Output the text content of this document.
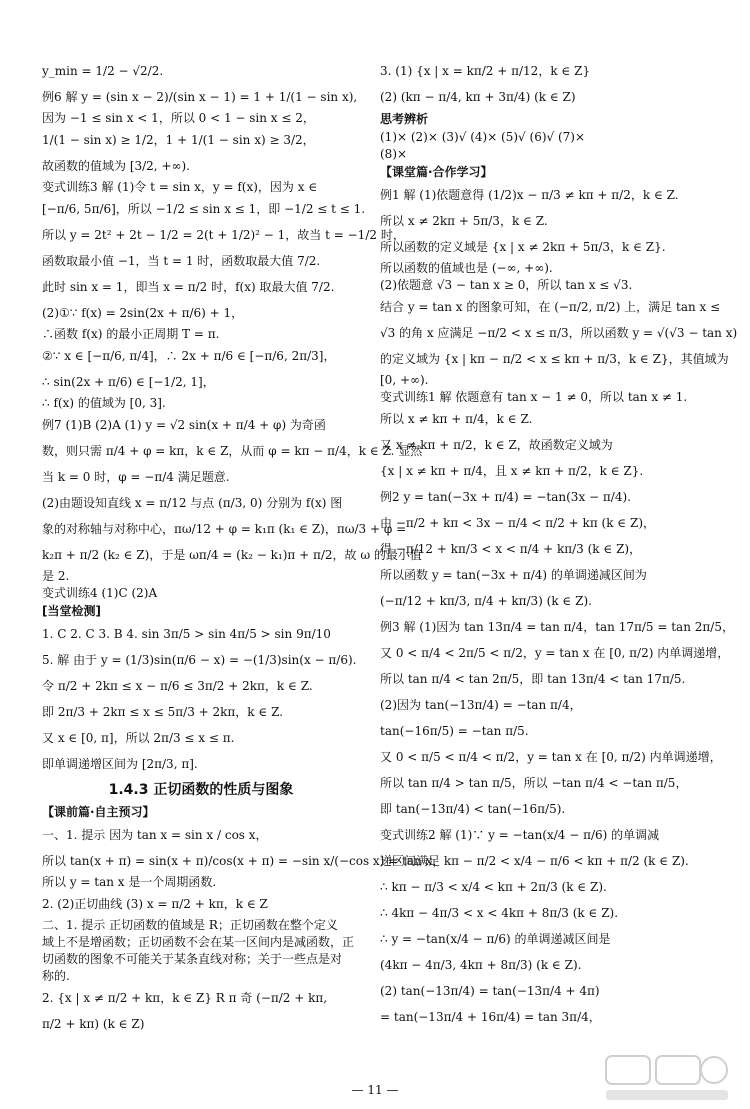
y_min = 1/2 − √2/2.
例6 解 y = (sin x − 2)/(sin x − 1) = 1 + 1/(1 − sin x),
因为 −1 ≤ sin x < 1，所以 0 < 1 − sin x ≤ 2，
1/(1 − sin x) ≥ 1/2，1 + 1/(1 − sin x) ≥ 3/2，
故函数的值域为 [3/2, +∞).
变式训练3 解 (1)令 t = sin x，y = f(x)，因为 x ∈
[−π/6, 5π/6]，所以 −1/2 ≤ sin x ≤ 1，即 −1/2 ≤ t ≤ 1.
所以 y = 2t² + 2t − 1/2 = 2(t + 1/2)² − 1，故当 t = −1/2 时，
函数取最小值 −1，当 t = 1 时，函数取最大值 7/2.
此时 sin x = 1，即当 x = π/2 时，f(x) 取最大值 7/2.
(2)①∵ f(x) = 2sin(2x + π/6) + 1，
∴函数 f(x) 的最小正周期 T = π.
②∵ x ∈ [−π/6, π/4]，∴ 2x + π/6 ∈ [−π/6, 2π/3]，
∴ sin(2x + π/6) ∈ [−1/2, 1]，
∴ f(x) 的值域为 [0, 3].
例7 (1)B (2)A (1) y = √2 sin(x + π/4 + φ) 为奇函
数，则只需 π/4 + φ = kπ，k ∈ Z，从而 φ = kπ − π/4，k ∈ Z. 显然
当 k = 0 时，φ = −π/4 满足题意.
(2)由题设知直线 x = π/12 与点 (π/3, 0) 分别为 f(x) 图
象的对称轴与对称中心，πω/12 + φ = k₁π (k₁ ∈ Z)，πω/3 + φ =
k₂π + π/2 (k₂ ∈ Z)，于是 ωπ/4 = (k₂ − k₁)π + π/2，故 ω 的最小值
是 2.
变式训练4 (1)C (2)A
[当堂检测]
1. C 2. C 3. B 4. sin 3π/5 > sin 4π/5 > sin 9π/10
5. 解 由于 y = (1/3)sin(π/6 − x) = −(1/3)sin(x − π/6).
令 π/2 + 2kπ ≤ x − π/6 ≤ 3π/2 + 2kπ，k ∈ Z.
即 2π/3 + 2kπ ≤ x ≤ 5π/3 + 2kπ，k ∈ Z.
又 x ∈ [0, π]，所以 2π/3 ≤ x ≤ π.
即单调递增区间为 [2π/3, π].
1.4.3 正切函数的性质与图象
【课前篇·自主预习】
一、1. 提示 因为 tan x = sin x / cos x，
所以 tan(x + π) = sin(x + π)/cos(x + π) = −sin x/(−cos x) = tan x，
所以 y = tan x 是一个周期函数.
2. (2)正切曲线 (3) x = π/2 + kπ，k ∈ Z
二、1. 提示 正切函数的值域是 R；正切函数在整个定义
域上不是增函数；正切函数不会在某一区间内是减函数，正
切函数的图象不可能关于某条直线对称；关于一些点是对
称的.
2. {x | x ≠ π/2 + kπ，k ∈ Z} R π 奇 (−π/2 + kπ,
π/2 + kπ) (k ∈ Z)
3. (1) {x | x = kπ/2 + π/12，k ∈ Z}
(2) (kπ − π/4, kπ + 3π/4) (k ∈ Z)
思考辨析
(1)× (2)× (3)√ (4)× (5)√ (6)√ (7)×
(8)×
【课堂篇·合作学习】
例1 解 (1)依题意得 (1/2)x − π/3 ≠ kπ + π/2，k ∈ Z.
所以 x ≠ 2kπ + 5π/3，k ∈ Z.
所以函数的定义域是 {x | x ≠ 2kπ + 5π/3，k ∈ Z}.
所以函数的值域也是 (−∞, +∞).
(2)依题意 √3 − tan x ≥ 0，所以 tan x ≤ √3.
结合 y = tan x 的图象可知，在 (−π/2, π/2) 上，满足 tan x ≤
√3 的角 x 应满足 −π/2 < x ≤ π/3，所以函数 y = √(√3 − tan x)
的定义域为 {x | kπ − π/2 < x ≤ kπ + π/3，k ∈ Z}，其值域为
[0, +∞).
变式训练1 解 依题意有 tan x − 1 ≠ 0，所以 tan x ≠ 1.
所以 x ≠ kπ + π/4，k ∈ Z.
又 x ≠ kπ + π/2，k ∈ Z，故函数定义域为
{x | x ≠ kπ + π/4，且 x ≠ kπ + π/2，k ∈ Z}.
例2 y = tan(−3x + π/4) = −tan(3x − π/4).
由 −π/2 + kπ < 3x − π/4 < π/2 + kπ (k ∈ Z)，
得 −π/12 + kπ/3 < x < π/4 + kπ/3 (k ∈ Z)，
所以函数 y = tan(−3x + π/4) 的单调递减区间为
(−π/12 + kπ/3, π/4 + kπ/3) (k ∈ Z).
例3 解 (1)因为 tan 13π/4 = tan π/4，tan 17π/5 = tan 2π/5，
又 0 < π/4 < 2π/5 < π/2，y = tan x 在 [0, π/2) 内单调递增，
所以 tan π/4 < tan 2π/5，即 tan 13π/4 < tan 17π/5.
(2)因为 tan(−13π/4) = −tan π/4，
tan(−16π/5) = −tan π/5.
又 0 < π/5 < π/4 < π/2，y = tan x 在 [0, π/2) 内单调递增，
所以 tan π/4 > tan π/5，所以 −tan π/4 < −tan π/5，
即 tan(−13π/4) < tan(−16π/5).
变式训练2 解 (1)∵ y = −tan(x/4 − π/6) 的单调减
递区间满足 kπ − π/2 < x/4 − π/6 < kπ + π/2 (k ∈ Z).
∴ kπ − π/3 < x/4 < kπ + 2π/3 (k ∈ Z).
∴ 4kπ − 4π/3 < x < 4kπ + 8π/3 (k ∈ Z).
∴ y = −tan(x/4 − π/6) 的单调递减区间是
(4kπ − 4π/3, 4kπ + 8π/3) (k ∈ Z).
(2) tan(−13π/4) = tan(−13π/4 + 4π)
= tan(−13π/4 + 16π/4) = tan 3π/4，
— 11 —
